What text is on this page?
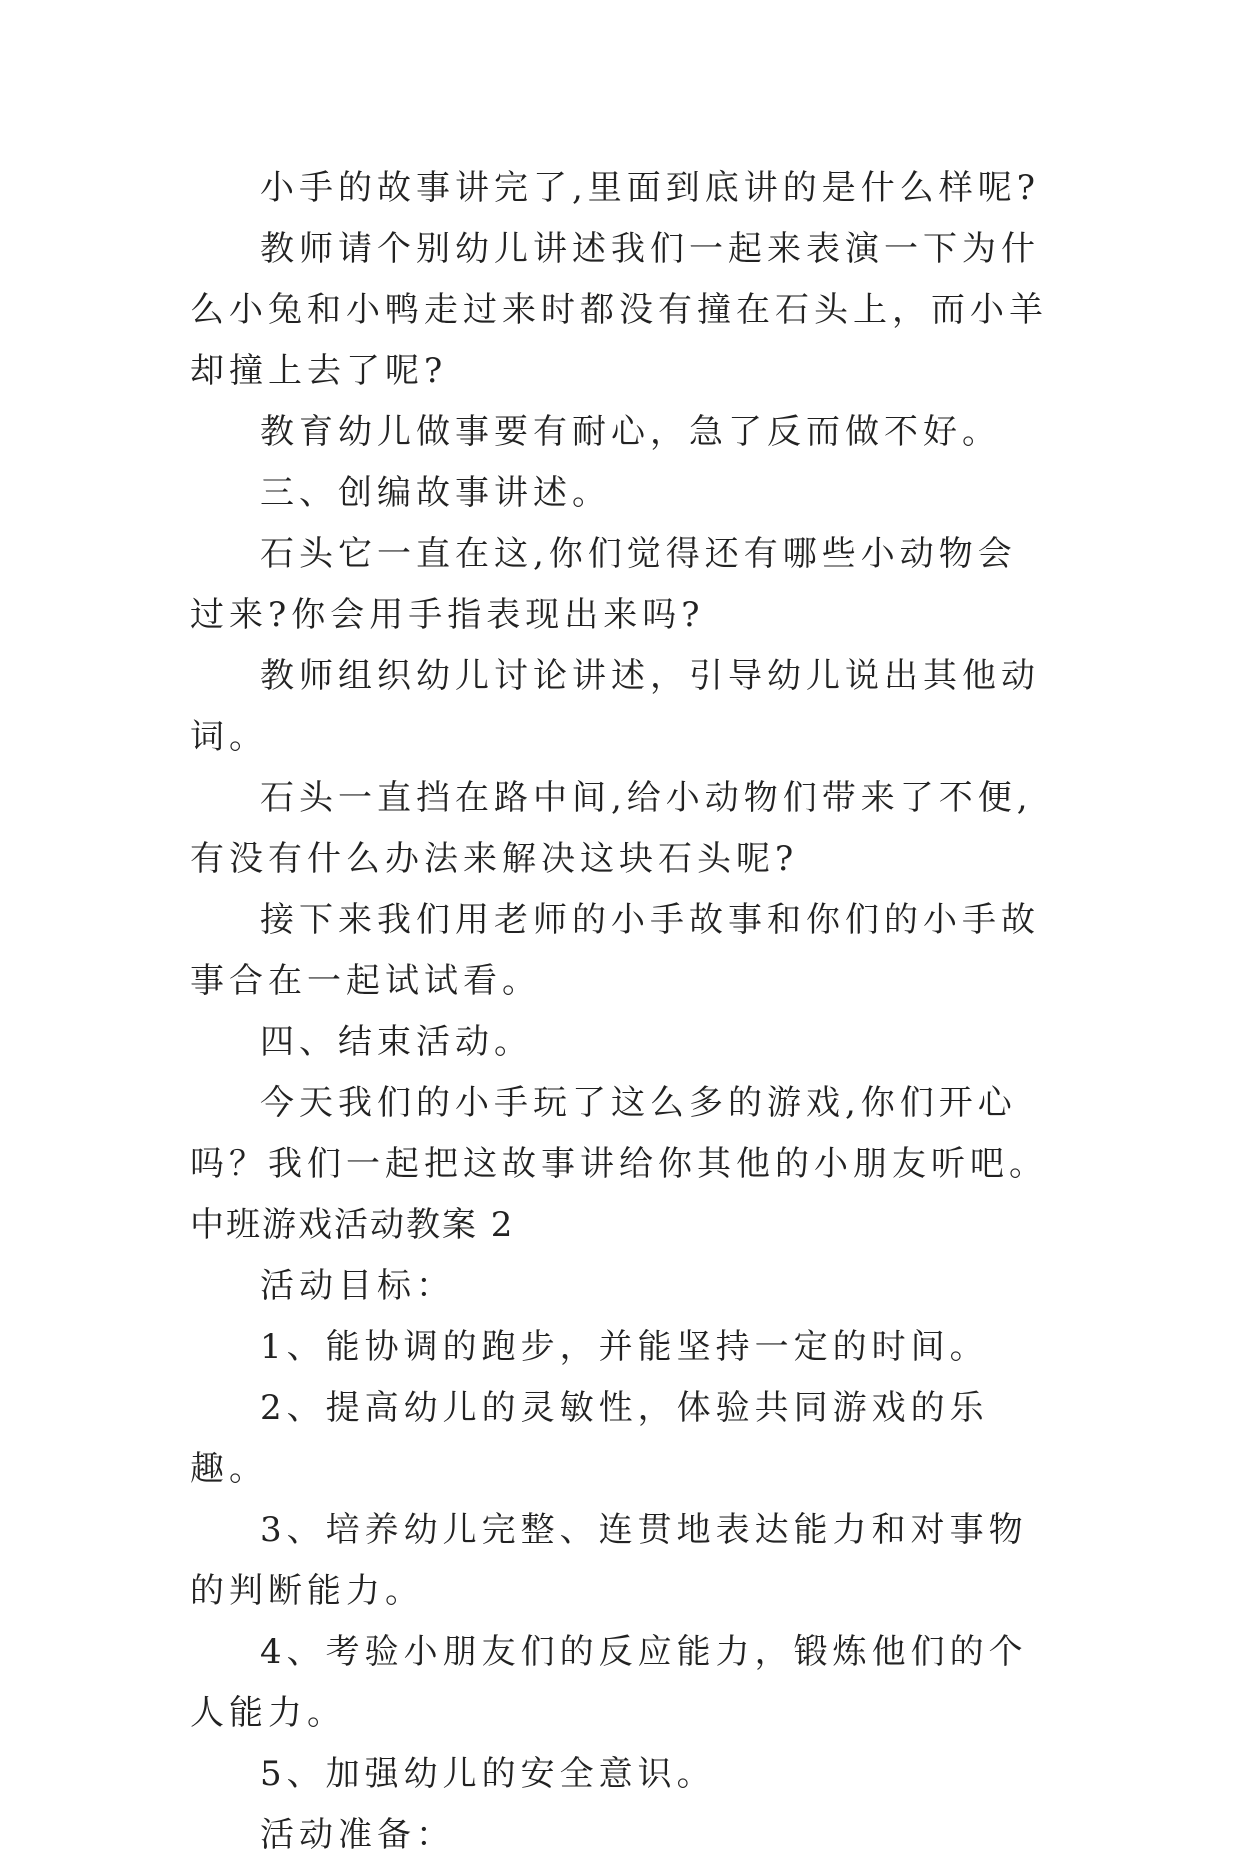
小手的故事讲完了,里面到底讲的是什么样呢?

教师请个别幼儿讲述我们一起来表演一下为什么小兔和小鸭走过来时都没有撞在石头上，而小羊却撞上去了呢?

教育幼儿做事要有耐心，急了反而做不好。

三、创编故事讲述。

石头它一直在这,你们觉得还有哪些小动物会过来?你会用手指表现出来吗?

教师组织幼儿讨论讲述，引导幼儿说出其他动词。

石头一直挡在路中间,给小动物们带来了不便,有没有什么办法来解决这块石头呢?

接下来我们用老师的小手故事和你们的小手故事合在一起试试看。

四、结束活动。

今天我们的小手玩了这么多的游戏,你们开心吗？我们一起把这故事讲给你其他的小朋友听吧。

中班游戏活动教案 2

活动目标：

1、能协调的跑步，并能坚持一定的时间。

2、提高幼儿的灵敏性，体验共同游戏的乐趣。

3、培养幼儿完整、连贯地表达能力和对事物的判断能力。

4、考验小朋友们的反应能力，锻炼他们的个人能力。

5、加强幼儿的安全意识。

活动准备：
